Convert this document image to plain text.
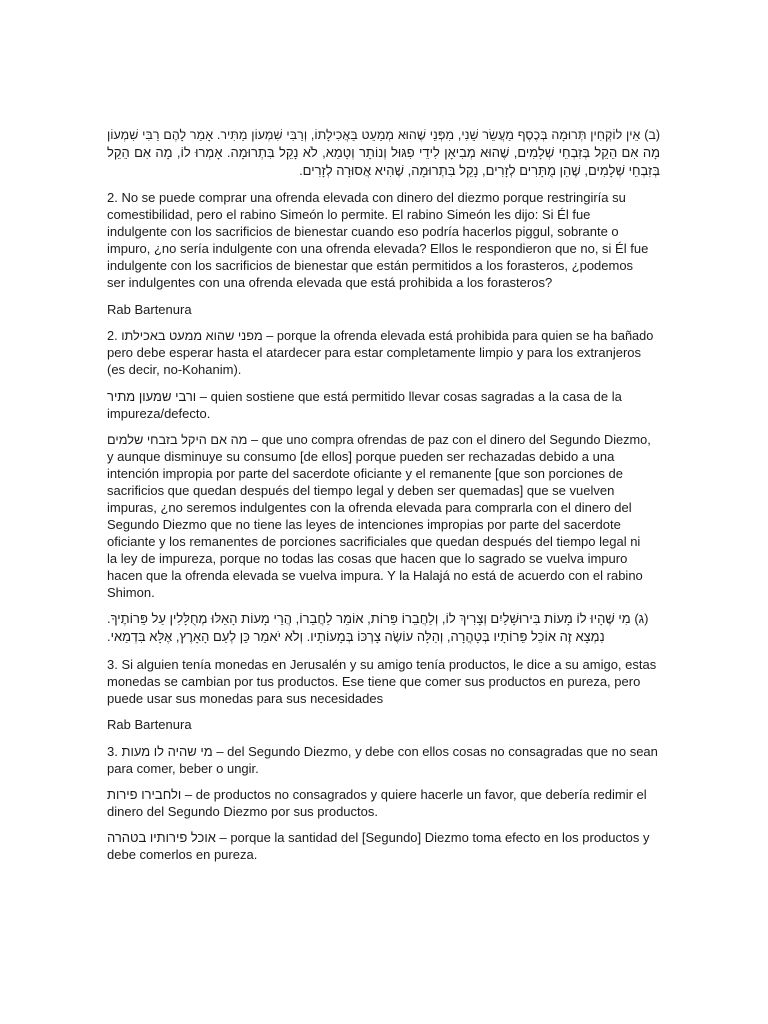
(ב) אֵין לוֹקְחִין תְּרוּמָה בְּכֶסֶף מַעֲשֵׂר שֵׁנִי, מִפְּנֵי שֶׁהוּא מְמַעֵט בַּאֲכִילָתוֹ, וְרַבִּי שִׁמְעוֹן מַתִּיר. אָמַר לָהֶם רַבִּי שִׁמְעוֹן
מָה אִם הֵקֵל בְּזִבְחֵי שְׁלָמִים, שֶׁהוּא מְבִיאָן לִידֵי פִגּוּל וְנוֹתָר וְטָמֵא, לֹא נָקֵל בִּתְרוּמָה. אָמְרוּ לוֹ, מָה אִם הֵקֵל
בְּזִבְחֵי שְׁלָמִים, שֶׁהֵן מֻתָּרִים לְזָרִים, נָקֵל בִּתְרוּמָה, שֶׁהִיא אֲסוּרָה לְזָרִים.
2. No se puede comprar una ofrenda elevada con dinero del diezmo porque restringiría su
comestibilidad, pero el rabino Simeón lo permite. El rabino Simeón les dijo: Si Él fue
indulgente con los sacrificios de bienestar cuando eso podría hacerlos piggul, sobrante o
impuro, ¿no sería indulgente con una ofrenda elevada? Ellos le respondieron que no, si Él fue
indulgente con los sacrificios de bienestar que están permitidos a los forasteros, ¿podemos
ser indulgentes con una ofrenda elevada que está prohibida a los forasteros?
Rab Bartenura
2. מפני שהוא ממעט באכילתו – porque la ofrenda elevada está prohibida para quien se ha bañado
pero debe esperar hasta el atardecer para estar completamente limpio y para los extranjeros
(es decir, no-Kohanim).
ורבי שמעון מתיר – quien sostiene que está permitido llevar cosas sagradas a la casa de la
impureza/defecto.
מה אם היקל בזבחי שלמים – que uno compra ofrendas de paz con el dinero del Segundo Diezmo,
y aunque disminuye su consumo [de ellos] porque pueden ser rechazadas debido a una
intención impropia por parte del sacerdote oficiante y el remanente [que son porciones de
sacrificios que quedan después del tiempo legal y deben ser quemadas] que se vuelven
impuras, ¿no seremos indulgentes con la ofrenda elevada para comprarla con el dinero del
Segundo Diezmo que no tiene las leyes de intenciones impropias por parte del sacerdote
oficiante y los remanentes de porciones sacrificiales que quedan después del tiempo legal ni
la ley de impureza, porque no todas las cosas que hacen que lo sagrado se vuelva impuro
hacen que la ofrenda elevada se vuelva impura. Y la Halajá no está de acuerdo con el rabino
Shimon.
(ג) מִי שֶׁהָיוּ לוֹ מָעוֹת בִּירוּשָׁלַיִם וְצָרִיךְ לוֹ, וְלַחֲבֵרוֹ פֵּרוֹת, אוֹמֵר לַחֲבֵרוֹ, הֲרֵי מָעוֹת הָאֵלּוּ מְחֻלָּלִין עַל פֵּרוֹתֶיךָ.
נִמְצָא זֶה אוֹכֵל פֵּרוֹתָיו בְּטָהֳרָה, וְהַלָּה עוֹשֶׂה צָרְכּוֹ בְּמָעוֹתָיו. וְלֹא יֹאמַר כֵּן לְעַם הָאָרֶץ, אֶלָּא בִּדְמַאי.
3. Si alguien tenía monedas en Jerusalén y su amigo tenía productos, le dice a su amigo, estas
monedas se cambian por tus productos. Ese tiene que comer sus productos en pureza, pero
puede usar sus monedas para sus necesidades
Rab Bartenura
3. מי שהיה לו מעות – del Segundo Diezmo, y debe con ellos cosas no consagradas que no sean
para comer, beber o ungir.
ולחבירו פירות – de productos no consagrados y quiere hacerle un favor, que debería redimir el
dinero del Segundo Diezmo por sus productos.
אוכל פירותיו בטהרה – porque la santidad del [Segundo] Diezmo toma efecto en los productos y
debe comerlos en pureza.
